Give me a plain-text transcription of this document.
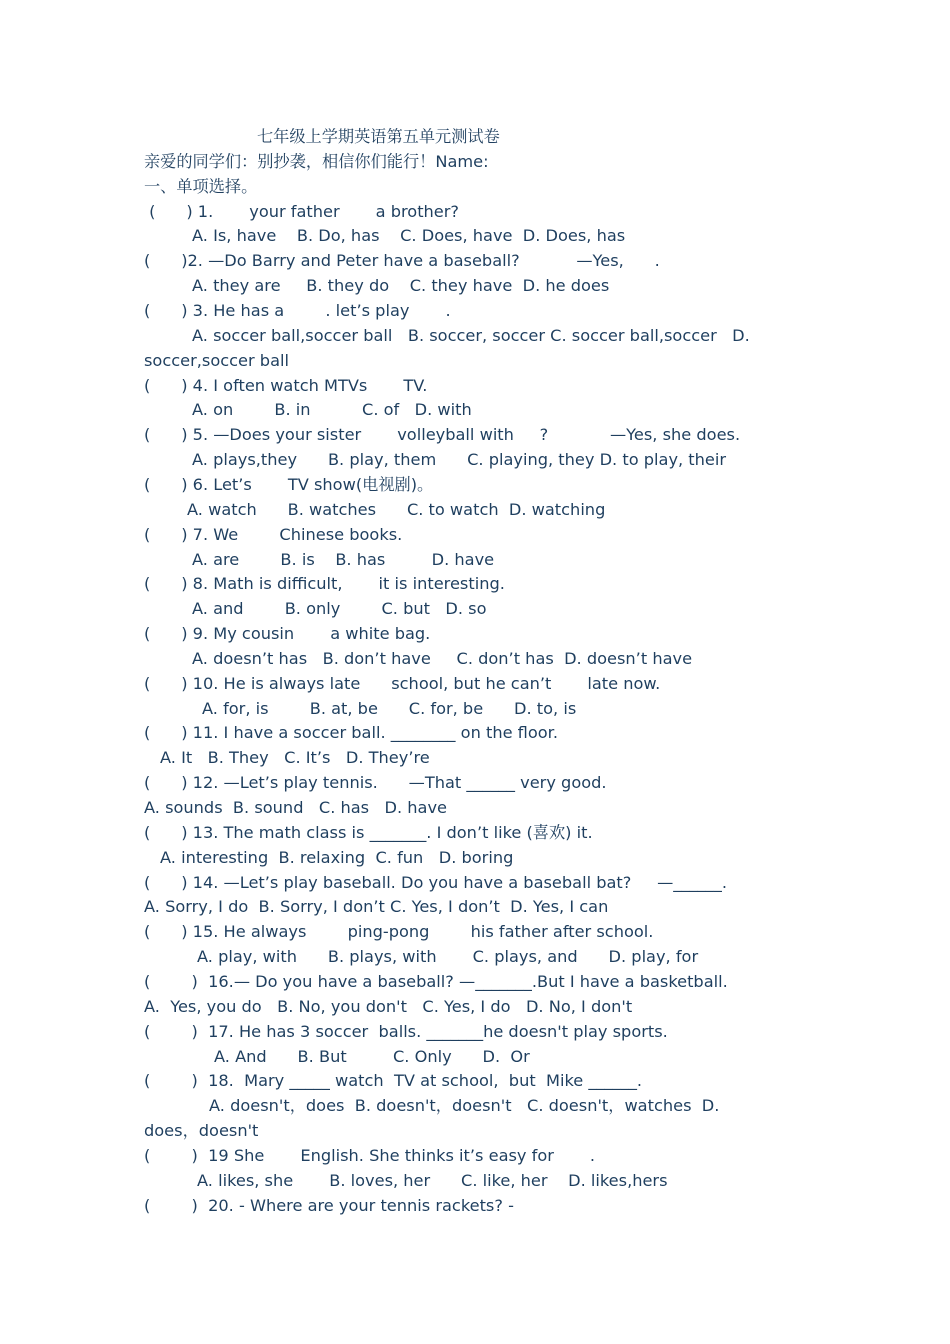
七年级上学期英语第五单元测试卷
亲爱的同学们：别抄袭，相信你们能行！Name:
一、单项选择。
(      ) 1.       your father       a brother?
A. Is, have    B. Do, has    C. Does, have  D. Does, has
(      )2. —Do Barry and Peter have a baseball?           —Yes,      .
A. they are     B. they do    C. they have  D. he does
(      ) 3. He has a        . let’s play       .
A. soccer ball,soccer ball   B. soccer, soccer C. soccer ball,soccer   D.
soccer,soccer ball
(      ) 4. I often watch MTVs       TV.
A. on        B. in          C. of   D. with
(      ) 5. —Does your sister       volleyball with     ?            —Yes, she does.
A. plays,they      B. play, them      C. playing, they D. to play, their
(      ) 6. Let’s       TV show(电视剧)。
A. watch      B. watches      C. to watch  D. watching
(      ) 7. We        Chinese books.
A. are        B. is    B. has         D. have
(      ) 8. Math is difficult,       it is interesting.
A. and        B. only        C. but   D. so
(      ) 9. My cousin       a white bag.
A. doesn’t has   B. don’t have     C. don’t has  D. doesn’t have
(      ) 10. He is always late      school, but he can’t       late now.
A. for, is        B. at, be      C. for, be      D. to, is
(      ) 11. I have a soccer ball. ________ on the floor.
A. It   B. They   C. It’s   D. They’re
(      ) 12. —Let’s play tennis.      —That ______ very good.
A. sounds  B. sound   C. has   D. have
(      ) 13. The math class is _______. I don’t like (喜欢) it.
A. interesting  B. relaxing  C. fun   D. boring
(      ) 14. —Let’s play baseball. Do you have a baseball bat?     —______.
A. Sorry, I do  B. Sorry, I don’t C. Yes, I don’t  D. Yes, I can
(      ) 15. He always        ping-pong        his father after school.
A. play, with      B. plays, with       C. plays, and      D. play, for
(        )  16.— Do you have a baseball? —_______.But I have a basketball.
A.  Yes, you do   B. No, you don't   C. Yes, I do   D. No, I don't
(        )  17. He has 3 soccer  balls. _______he doesn't play sports.
A. And      B. But         C. Only      D.  Or
(        )  18.  Mary _____ watch  TV at school,  but  Mike ______.
A. doesn't，does  B. doesn't，doesn't   C. doesn't，watches  D.
does，doesn't
(        )  19 She       English. She thinks it’s easy for       .
A. likes, she       B. loves, her      C. like, her    D. likes,hers
(        )  20. - Where are your tennis rackets? -
